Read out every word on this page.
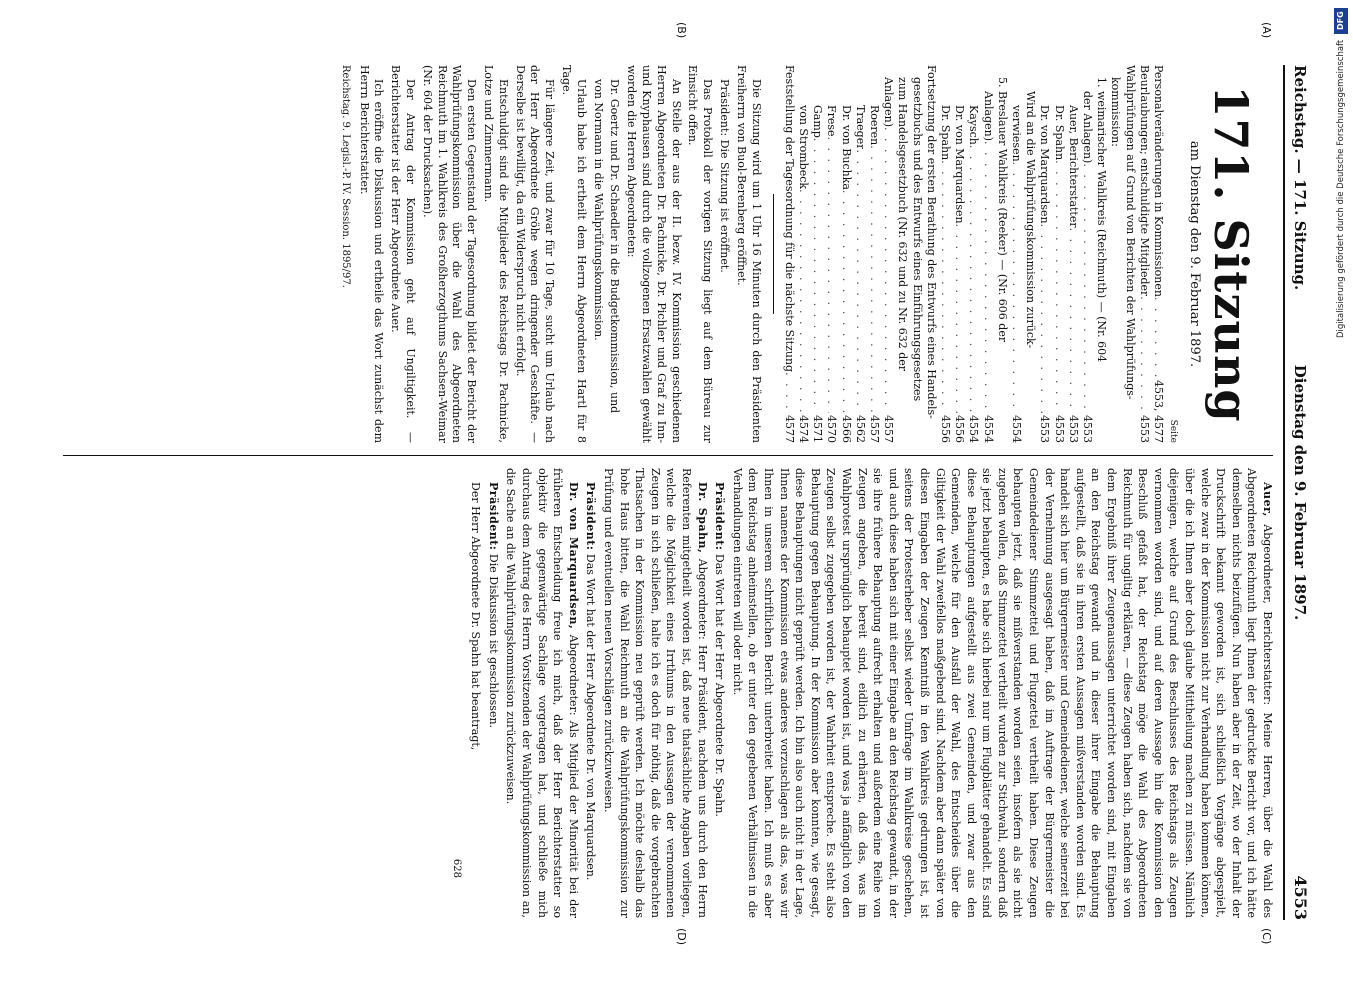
Reichstag. — 171. Sitzung.
Dienstag den 9. Februar 1897.
4553
(A)
(B)
(C)
(D)
171. Sitzung
am Dienstag den 9. Februar 1897.
Seite
Personalveränderungen in Kommissionen
. . .
4553, 4577
Beurlaubungen; entschuldigte Mitglieder
. . .
4553
Wahlprüfungen auf Grund von Berichten der Wahlprüfungs-
kommission:
1. weimarischer Wahlkreis (Reichmuth) — (Nr. 604
der Anlagen)
. . .
4553
Auer, Berichterstatter
. . .
4553
Dr. Spahn
. . .
4553
Dr. von Marquardsen
. . .
4553
Wird an die Wahlprüfungskommission zurück-
verwiesen
. . .
4554
5. Breslauer Wahlkreis (Reeker) — (Nr. 606 der
Anlagen)
. . .
4554
Kaysch
. . .
4554
Dr. von Marquardsen
. . .
4556
Dr. Spahn
. . .
4556
Fortsetzung der ersten Berathung des Entwurfs eines Handels-
gesetzbuchs und des Entwurfs eines Einführungsgesetzes
zum Handelsgesetzbuch (Nr. 632 und zu Nr. 632 der
Anlagen)
. . .
4557
Roeren
. . .
4557
Traeger
. . .
4562
Dr. von Buchka
. . .
4566
Frese
. . .
4570
Gamp
. . .
4571
von Strombeck
. . .
4574
Feststellung der Tagesordnung für die nächste Sitzung
. . .
4577

Die Sitzung wird um 1 Uhr 16 Minuten durch den Präsidenten Freiherrn von Buol-Berenberg eröffnet.

Präsident: Die Sitzung ist eröffnet.

Das Protokoll der vorigen Sitzung liegt auf dem Büreau zur Einsicht offen.

An Stelle der aus der II. bezw. IV. Kommission geschiedenen Herren Abgeordneten Dr. Pachnicke, Dr. Pichler und Graf zu Inn- und Knyphausen sind durch die vollzogenen Ersatzwahlen gewählt worden die Herren Abgeordneten:

Dr. Goertz und Dr. Schaedler in die Budgetkommission, und

von Normann in die Wahlprüfungskommission.

Urlaub habe ich ertheilt dem Herrn Abgeordneten Hartl für 8 Tage.

Für längere Zeit, und zwar für 10 Tage, sucht um Urlaub nach der Herr Abgeordnete Gröhe wegen dringender Geschäfte. — Derselbe ist bewilligt, da ein Widerspruch nicht erfolgt.

Entschuldigt sind die Mitglieder des Reichstags Dr. Pachnicke, Lotze und Zimmermann.

Den ersten Gegenstand der Tagesordnung bildet der Bericht der Wahlprüfungskommission über die Wahl des Abgeordneten Reichmuth im 1. Wahlkreis des Großherzogthums Sachsen-Weimar (Nr. 604 der Drucksachen).

Der Antrag der Kommission geht auf Ungiltigkeit. — Berichterstatter ist der Herr Abgeordnete Auer.

Ich eröffne die Diskussion und ertheile das Wort zunächst dem Herrn Berichterstatter.

Reichstag. 9. Legisl.-P. IV. Session. 1895/97.

Auer, Abgeordneter, Berichterstatter: Meine Herren, über die Wahl des Abgeordneten Reichmuth liegt Ihnen der gedruckte Bericht vor, und ich hätte demselben nichts beizufügen. Nun haben aber in der Zeit, wo der Inhalt der Druckschrift bekannt geworden ist, sich schließlich Vorgänge abgespielt, welche zwar in der Kommission nicht zur Verhandlung haben kommen können, über die ich Ihnen aber doch glaube Mittheilung machen zu müssen. Nämlich diejenigen, welche auf Grund des Beschlusses des Reichstags als Zeugen vernommen worden sind, und auf deren Aussage hin die Kommission den Beschluß gefaßt hat, der Reichstag möge die Wahl des Abgeordneten Reichmuth für ungiltig erklären, — diese Zeugen haben sich, nachdem sie von dem Ergebniß ihrer Zeugenaussagen unterrichtet worden sind, mit Eingaben an den Reichstag gewandt und in dieser ihrer Eingabe die Behauptung aufgestellt, daß sie in ihren ersten Aussagen mißverstanden worden sind. Es handelt sich hier um Bürgermeister und Gemeindediener, welche seinerzeit bei der Vernehmung ausgesagt haben, daß im Auftrage der Bürgermeister die Gemeindediener Stimmzettel und Flugzettel vertheilt haben. Diese Zeugen behaupten jetzt, daß sie mißverstanden worden seien, insofern als sie nicht zugeben wollen, daß Stimmzettel vertheilt wurden zur Stichwahl, sondern daß sie jetzt behaupten, es habe sich hierbei nur um Flugblätter gehandelt. Es sind diese Behauptungen aufgestellt aus zwei Gemeinden, und zwar aus den Gemeinden, welche für den Ausfall der Wahl, des Entscheides über die Giltigkeit der Wahl zweifellos maßgebend sind. Nachdem aber dann später von diesen Eingaben der Zeugen Kenntniß in den Wahlkreis gedrungen ist, ist seitens der Protesterheber selbst wieder Umfrage im Wahlkreise geschehen, und auch diese haben sich mit einer Eingabe an den Reichstag gewandt, in der sie ihre frühere Behauptung aufrecht erhalten und außerdem eine Reihe von Zeugen angeben, die bereit sind, eidlich zu erhärten, daß das, was im Wahlprotest ursprünglich behauptet worden ist, und was ja anfänglich von den Zeugen selbst zugegeben worden ist, der Wahrheit entspreche. Es steht also Behauptung gegen Behauptung. In der Kommission aber konnten, wie gesagt, diese Behauptungen nicht geprüft werden. Ich bin also auch nicht in der Lage, Ihnen namens der Kommission etwas anderes vorzuschlagen als das, was wir Ihnen in unserem schriftlichen Bericht unterbreitet haben. Ich muß es aber dem Reichstag anheimstellen, ob er unter den gegebenen Verhältnissen in die Verhandlungen eintreten will oder nicht.

Präsident: Das Wort hat der Herr Abgeordnete Dr. Spahn.

Dr. Spahn, Abgeordneter: Herr Präsident, nachdem uns durch den Herrn Referenten mitgetheilt worden ist, daß neue thatsächliche Angaben vorliegen, welche die Möglichkeit eines Irrthums in den Aussagen der vernommenen Zeugen in sich schließen, halte ich es doch für nöthig, daß die vorgebrachten Thatsachen in der Kommission neu geprüft werden. Ich möchte deshalb das hohe Haus bitten, die Wahl Reichmuth an die Wahlprüfungskommission zur Prüfung und eventuellen neuen Vorschlägen zurückzuweisen.

Präsident: Das Wort hat der Herr Abgeordnete Dr. von Marquardsen.

Dr. von Marquardsen, Abgeordneter: Als Mitglied der Minorität bei der früheren Entscheidung freue ich mich, daß der Herr Berichterstatter so objektiv die gegenwärtige Sachlage vorgetragen hat, und schließe mich durchaus dem Antrag des Herrn Vorsitzenden der Wahlprüfungskommission an, die Sache an die Wahlprüfungskommission zurückzuweisen.

Präsident: Die Diskussion ist geschlossen.

Der Herr Abgeordnete Dr. Spahn hat beantragt,

628
DFG
Digitalisierung gefördert durch die Deutsche Forschungsgemeinschaft
